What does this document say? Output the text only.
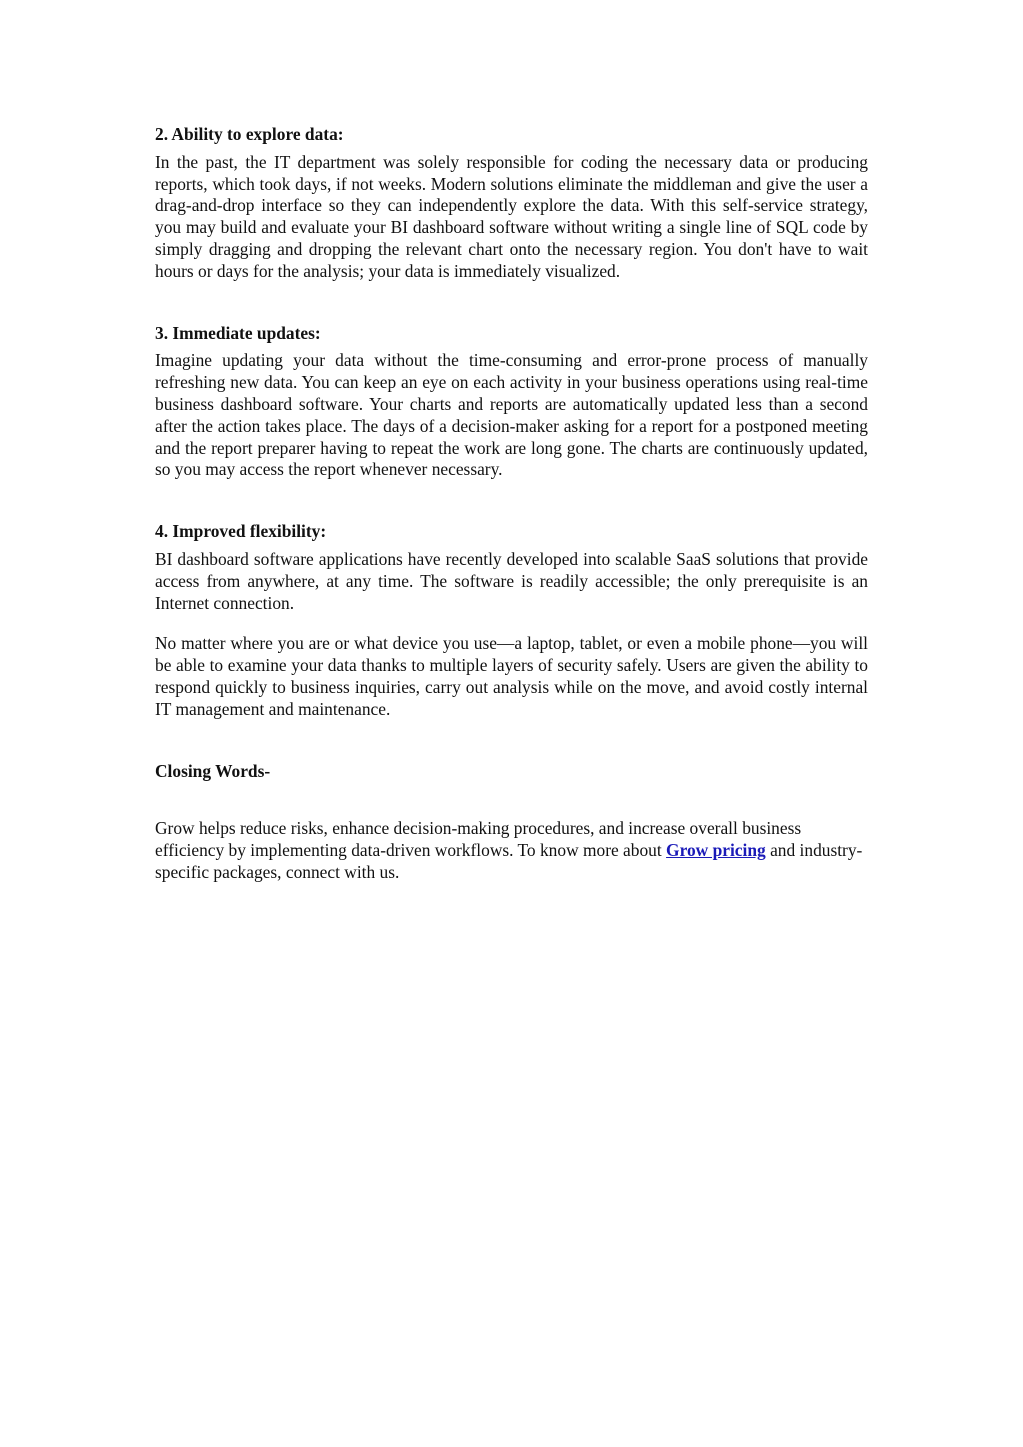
2. Ability to explore data:

In the past, the IT department was solely responsible for coding the necessary data or producing reports, which took days, if not weeks. Modern solutions eliminate the middleman and give the user a drag-and-drop interface so they can independently explore the data. With this self-service strategy, you may build and evaluate your BI dashboard software without writing a single line of SQL code by simply dragging and dropping the relevant chart onto the necessary region. You don't have to wait hours or days for the analysis; your data is immediately visualized.

3. Immediate updates:

Imagine updating your data without the time-consuming and error-prone process of manually refreshing new data. You can keep an eye on each activity in your business operations using real-time business dashboard software. Your charts and reports are automatically updated less than a second after the action takes place. The days of a decision-maker asking for a report for a postponed meeting and the report preparer having to repeat the work are long gone. The charts are continuously updated, so you may access the report whenever necessary.

4. Improved flexibility:

BI dashboard software applications have recently developed into scalable SaaS solutions that provide access from anywhere, at any time. The software is readily accessible; the only prerequisite is an Internet connection.

No matter where you are or what device you use—a laptop, tablet, or even a mobile phone—you will be able to examine your data thanks to multiple layers of security safely. Users are given the ability to respond quickly to business inquiries, carry out analysis while on the move, and avoid costly internal IT management and maintenance.

Closing Words-

Grow helps reduce risks, enhance decision-making procedures, and increase overall business efficiency by implementing data-driven workflows. To know more about Grow pricing and industry-specific packages, connect with us.
